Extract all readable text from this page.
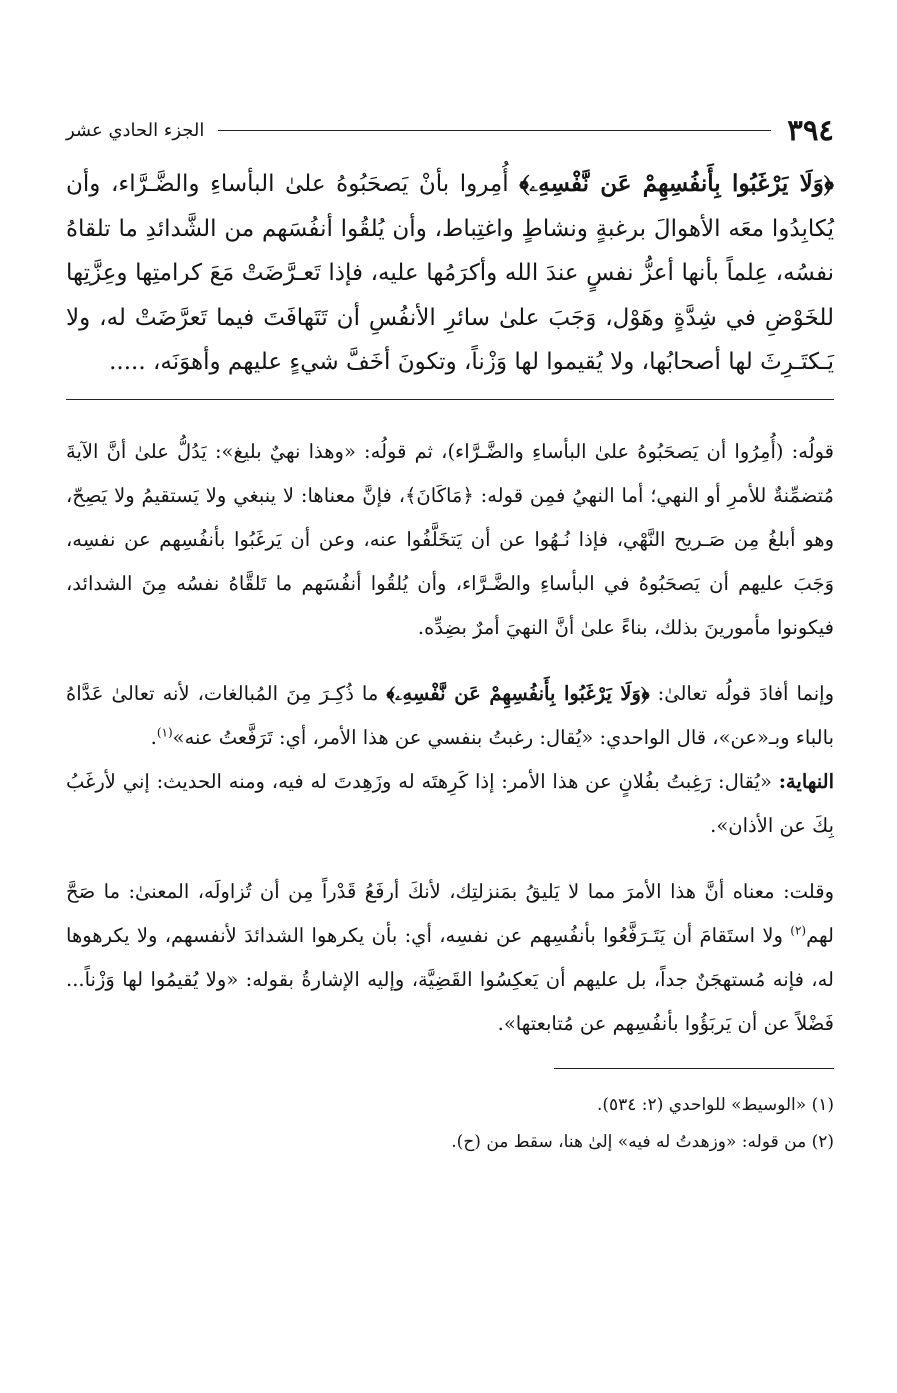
٣٩٤
الجزء الحادي عشر
﴿وَلَا يَرْغَبُوا بِأَنفُسِهِمْ عَن نَّفْسِهِۦ﴾ أُمِروا بأنْ يَصحَبُوهُ علىٰ البأساءِ والضَّـرَّاء، وأن يُكابِدُوا معَه الأهوالَ برغبةٍ ونشاطٍ واغتِباط، وأن يُلقُوا أنفُسَهم من الشَّدائدِ ما تلقاهُ نفسُه، عِلماً بأنها أعزُّ نفسٍ عندَ الله وأكرَمُها عليه، فإذا تَعـرَّضَتْ مَعَ كرامتِها وعِزَّتِها للخَوْضِ في شِدَّةٍ وهَوْل، وَجَبَ علىٰ سائرِ الأنفُسِ أن تَتَهافَتَ فيما تَعرَّضَتْ له، ولا يَـكتَـرِثَ لها أصحابُها، ولا يُقيموا لها وَزْناً، وتكونَ أخَفَّ شيءٍ عليهم وأهوَنَه، .....

قولُه: (أُمِرُوا أن يَصحَبُوهُ علىٰ البأساءِ والضَّـرَّاء)، ثم قولُه: «وهذا نهيٌ بليغ»: يَدُلُّ علىٰ أنَّ الآيةَ مُتضمِّنةٌ للأمرِ أو النهي؛ أما النهيُ فمِن قوله: ﴿مَاكَانَ﴾، فإنَّ معناها: لا ينبغي ولا يَستقيمُ ولا يَصِحّ، وهو أبلغُ مِن صَـريح النَّهْي، فإذا نُـهُوا عن أن يَتخَلَّفُوا عنه، وعن أن يَرغَبُوا بأنفُسِهم عن نفسِه، وَجَبَ عليهم أن يَصحَبُوهُ في البأساءِ والضَّـرَّاء، وأن يُلقُوا أنفُسَهم ما تَلقَّاهُ نفسُه مِنَ الشدائد، فيكونوا مأمورينَ بذلك، بناءً علىٰ أنَّ النهيَ أمرٌ بضِدِّه.

وإنما أفادَ قولُه تعالىٰ: ﴿وَلَا يَرْغَبُوا بِأَنفُسِهِمْ عَن نَّفْسِهِۦ﴾ ما ذُكِـرَ مِنَ المُبالغات، لأنه تعالىٰ عَدَّاهُ بالباء وبـ«عن»، قال الواحدي: «يُقال: رغبتُ بنفسي عن هذا الأمر، أي: تَرَفَّعتُ عنه»$^{(١)}$.
النهاية: «يُقال: رَغِبتُ بفُلانٍ عن هذا الأمر: إذا كَرِهتَه له وزَهِدتَ له فيه، ومنه الحديث: إني لأرغَبُ بِكَ عن الأذان».

وقلت: معناه أنَّ هذا الأمرَ مما لا يَليقُ بمَنزلتِك، لأنكَ أرفَعُ قَدْراً مِن أن تُزاولَه، المعنىٰ: ما صَحَّ لهم$^{(٢)}$ ولا استَقامَ أن يَتَـرَفَّعُوا بأنفُسِهم عن نفسِه، أي: بأن يكرهوا الشدائدَ لأنفسهم، ولا يكرهوها له، فإنه مُستهجَنٌ جداً، بل عليهم أن يَعكِسُوا القَضِيَّة، وإليه الإشارةُ بقوله: «ولا يُقيمُوا لها وَزْناً... فَضْلاً عن أن يَربَؤُوا بأنفُسِهم عن مُتابعتها».

(١) «الوسيط» للواحدي (٢: ٥٣٤).
(٢) من قوله: «وزهدتُ له فيه» إلىٰ هنا، سقط من (ح).
